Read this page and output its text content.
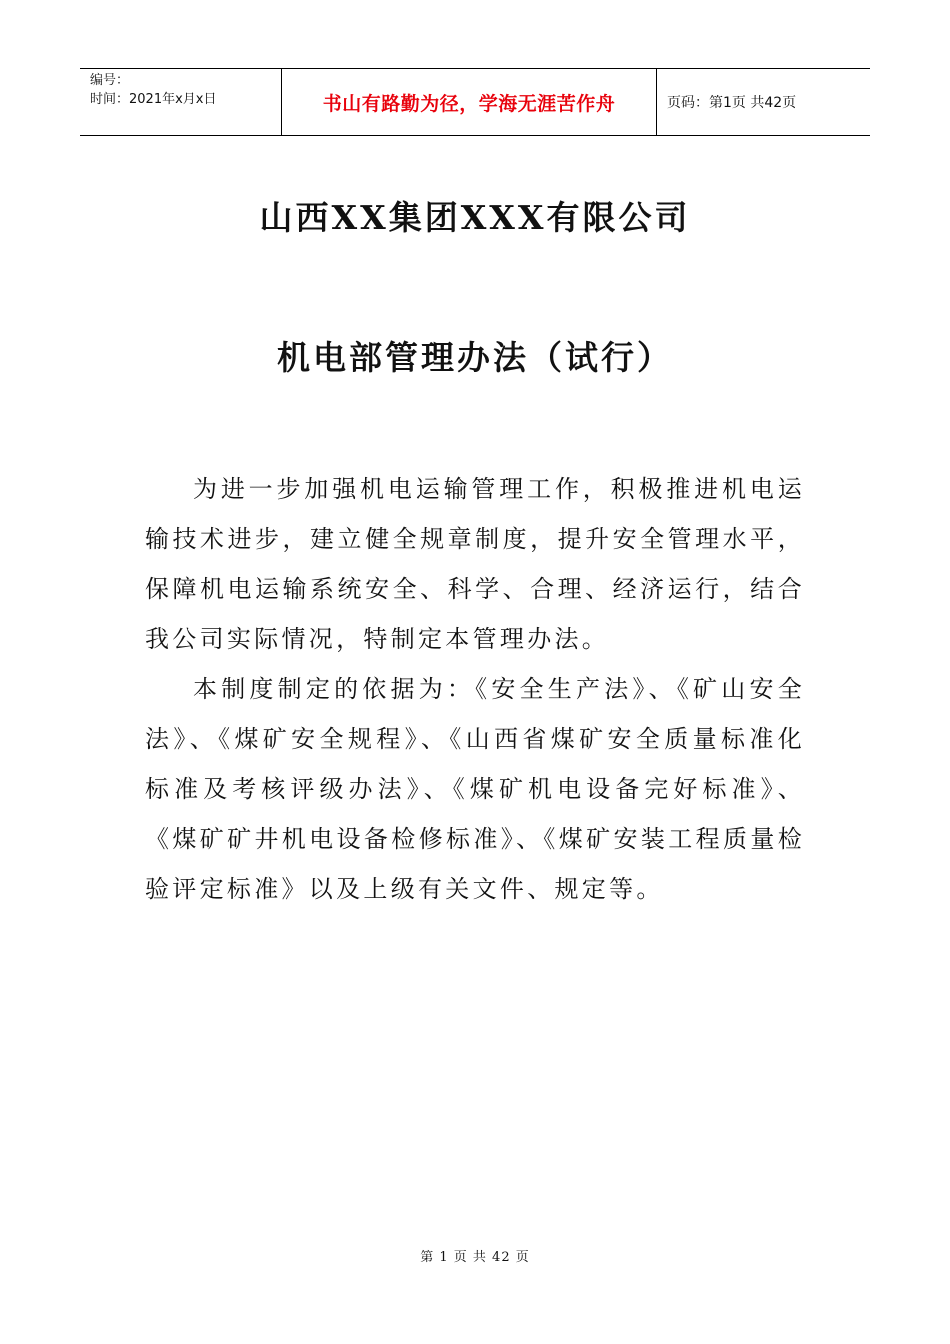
编号：
时间：2021年x月x日	书山有路勤为径，学海无涯苦作舟	页码：第1页 共42页
山西XX集团XXX有限公司
机电部管理办法（试行）

为进一步加强机电运输管理工作，积极推进机电运输技术进步，建立健全规章制度，提升安全管理水平，保障机电运输系统安全、科学、合理、经济运行，结合我公司实际情况，特制定本管理办法。

本制度制定的依据为：《安全生产法》、《矿山安全法》、《煤矿安全规程》、《山西省煤矿安全质量标准化标准及考核评级办法》、《煤矿机电设备完好标准》、《煤矿矿井机电设备检修标准》、《煤矿安装工程质量检验评定标准》以及上级有关文件、规定等。

第 1 页 共 42 页
